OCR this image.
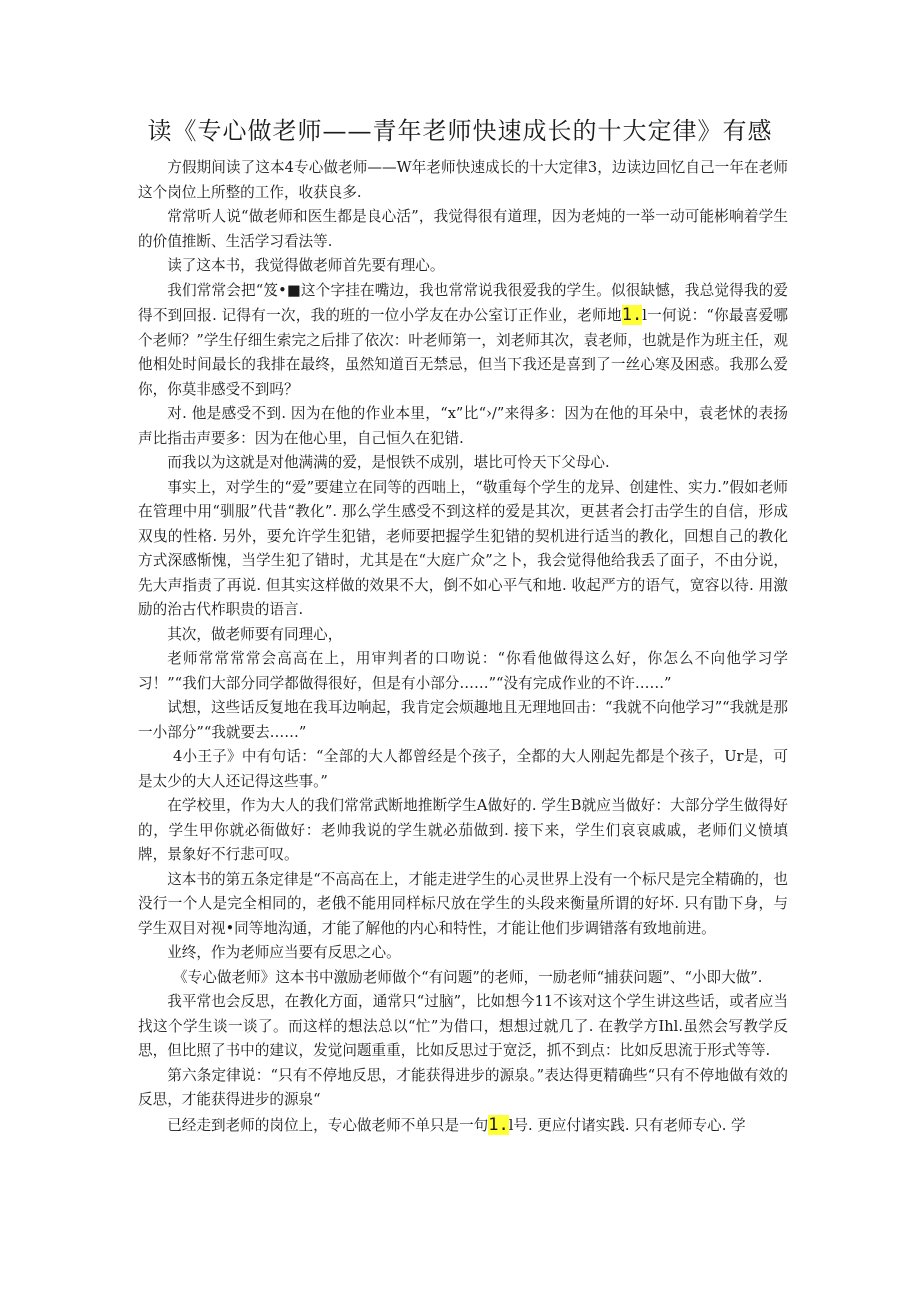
读《专心做老师——青年老师快速成长的十大定律》有感

方假期间读了这本4专心做老师——W年老师快速成长的十大定律3，边读边回忆自己一年在老师这个岗位上所整的工作，收获良多.

常常听人说“做老师和医生都是良心活”，我觉得很有道理，因为老炖的一举一动可能彬响着学生的价值推断、生活学习看法等.

读了这本书，我觉得做老师首先要有理心。

我们常常会把“笈•■这个字挂在嘴边，我也常常说我很爱我的学生。似很缺憾，我总觉得我的爱得不到回报. 记得有一次，我的班的一位小学友在办公室订正作业，老师地1.l一何说：“你最喜爱哪个老师？”学生仔细生索完之后排了依次：叶老师第一，刘老师其次，袁老师，也就是作为班主任，观他相处时间最长的我排在最终，虽然知道百无禁忌，但当下我还是喜到了一丝心寒及困惑。我那么爱你，你莫非感受不到吗？

对. 他是感受不到. 因为在他的作业本里，“x”比“›/”来得多：因为在他的耳朵中，袁老怵的表扬声比指击声要多：因为在他心里，自己恒久在犯错.

而我以为这就是对他满满的爱，是恨铁不成别，堪比可怜天下父母心.

事实上，对学生的“爱”要建立在同等的西咄上，“敬重每个学生的龙异、创建性、实力.”假如老师在管理中用“驯服”代昔“教化”. 那么学生感受不到这样的爱是其次，更甚者会打击学生的自信，形成双曳的性格. 另外，要允许学生犯错，老师要把握学生犯错的契机进行适当的教化，回想自己的教化方式深感惭愧，当学生犯了错时，尤其是在“大庭广众”之卜，我会觉得他给我丢了面子，不由分说，先大声指责了再说. 但其实这样做的效果不大，倒不如心平气和地. 收起严方的语气，宽容以待. 用激励的治古代柞职贵的语言.

其次，做老师要有同理心，

老师常常常常会高高在上，用审判者的口吻说：“你看他做得这么好，你怎么不向他学习学习！”“我们大部分同学都做得很好，但是有小部分……”“没有完成作业的不许……”

试想，这些话反复地在我耳边响起，我肯定会烦趣地且无理地回击：“我就不向他学习”“我就是那一小部分”“我就要去……”

4小王子》中有句话：“全部的大人都曾经是个孩子，全都的大人刚起先都是个孩子，Ur是，可是太少的大人还记得这些事。”

在学校里，作为大人的我们常常武断地推断学生A做好的. 学生B就应当做好：大部分学生做得好的，学生甲你就必衙做好：老帅我说的学生就必茄做到. 接下来，学生们哀哀戚戚，老师们义愤填牌，景象好不行悲可叹。

这本书的第五条定律是“不高高在上，才能走进学生的心灵世界上没有一个标尺是完全精确的，也没行一个人是完全相同的，老俄不能用同样标尺放在学生的头段来衡量所谓的好坏. 只有勖下身，与学生双目对视•同等地沟通，才能了解他的内心和特性，才能让他们步调错落有致地前进。

业终，作为老师应当要有反思之心。

《专心做老师》这本书中激励老师做个“有问题”的老师，一励老师“捕获问题”、“小即大做”.

我平常也会反思，在教化方面，通常只“过脑”，比如想今11不该对这个学生讲这些话，或者应当找这个学生谈一谈了。而这样的想法总以“忙”为借口，想想过就几了. 在教学方Ihl.虽然会写教学反思，但比照了书中的建议，发觉问题重重，比如反思过于宽泛，抓不到点：比如反思流于形式等等.

第六条定律说：“只有不停地反思，才能获得进步的源泉。”表达得更精确些“只有不停地做有效的反思，才能获得进步的源泉“

已经走到老师的岗位上，专心做老师不单只是一句1.l号. 更应付诸实践. 只有老师专心. 学
